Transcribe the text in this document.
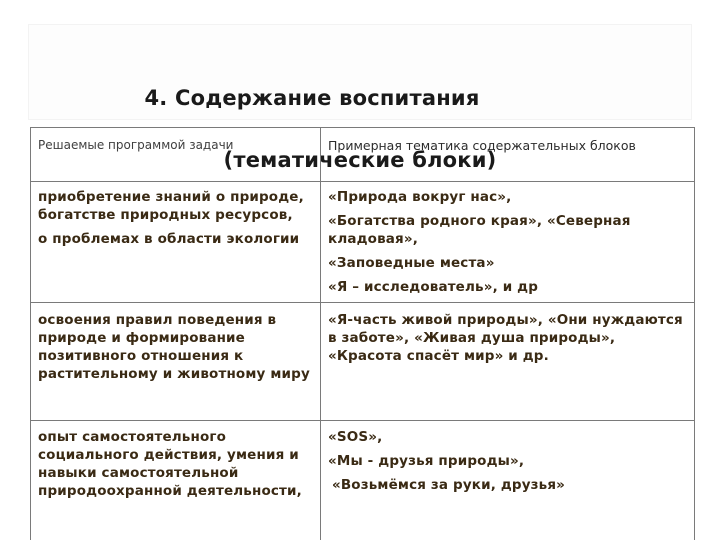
4. Содержание воспитания

(тематические блоки)

Решаемые программой задачи	Примерная тематика содержательных блоков

приобретение знаний о природе, богатстве природных ресурсов,
о проблемах в области экологии	«Природа вокруг нас»,
«Богатства родного края», «Северная кладовая»,
«Заповедные места»
«Я – исследователь», и др

освоения правил поведения в природе и формирование позитивного отношения к растительному и животному миру	«Я-часть живой природы», «Они нуждаются в заботе», «Живая душа природы», «Красота спасёт мир» и др.

опыт самостоятельного социального действия, умения и навыки самостоятельной природоохранной деятельности,	«SOS»,
«Мы - друзья природы»,
«Возьмёмся за руки, друзья»
